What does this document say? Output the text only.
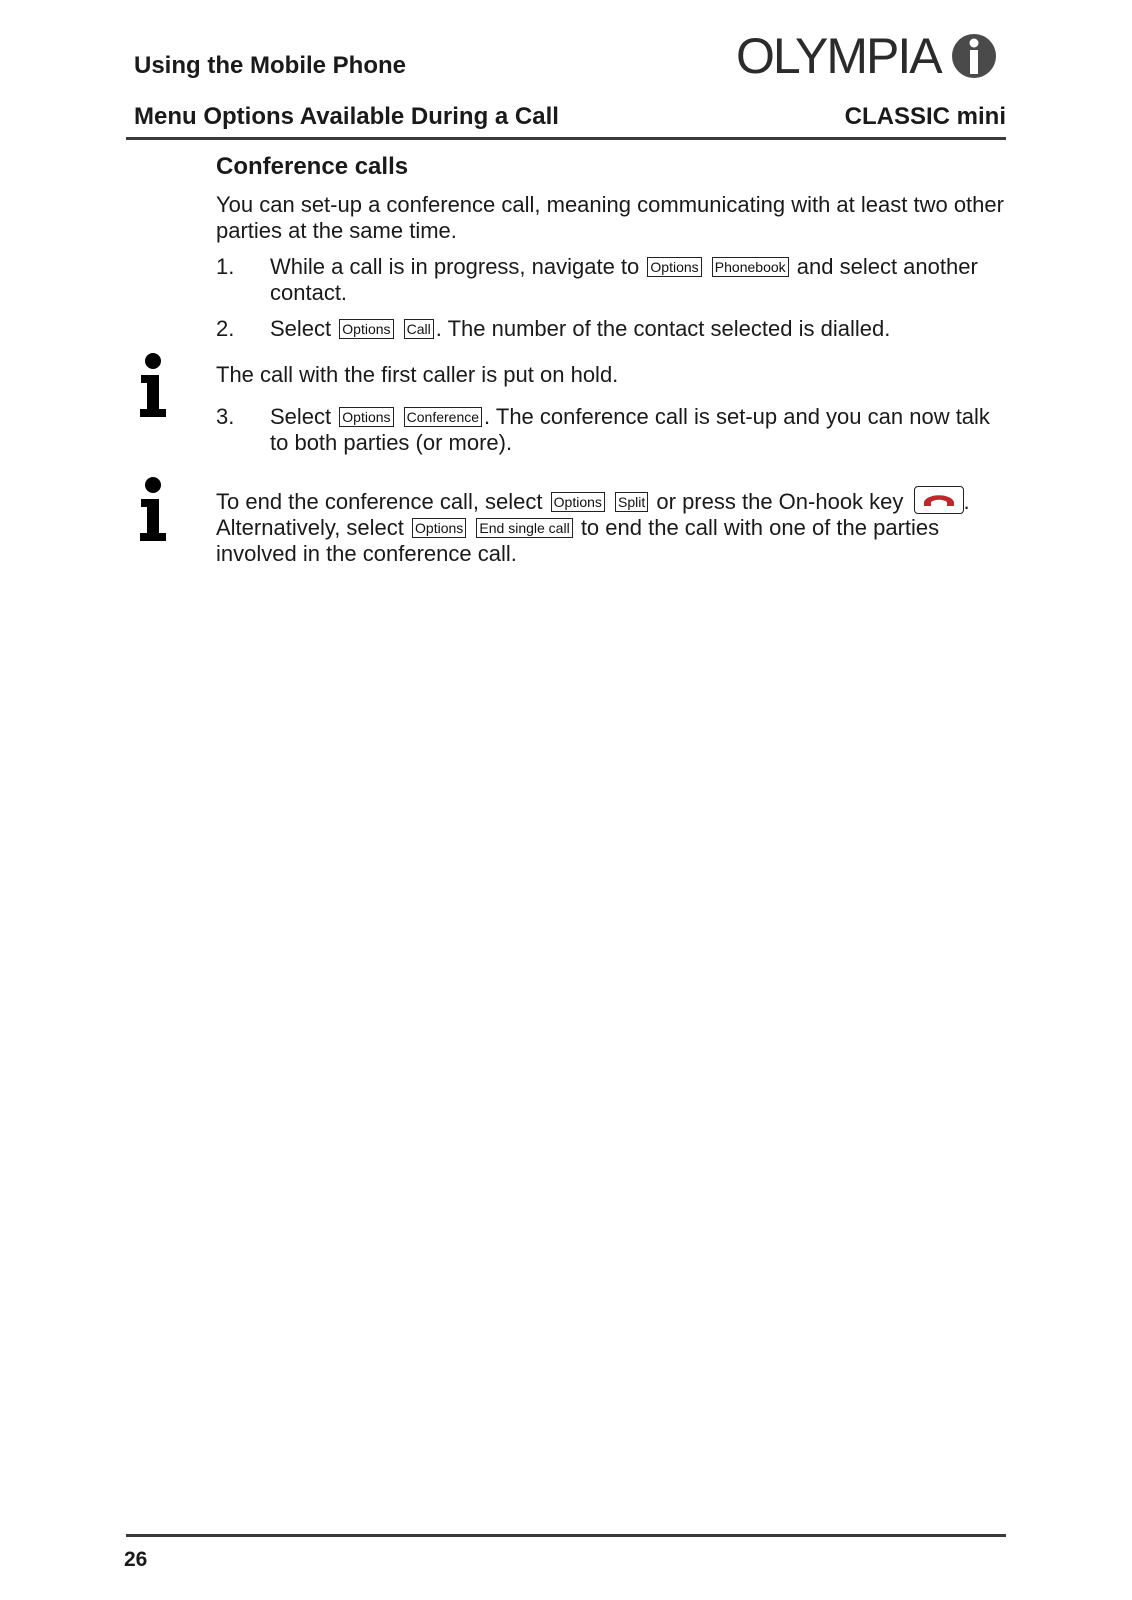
Using the Mobile Phone	OLYMPIA
Menu Options Available During a Call	CLASSIC mini
Conference calls
You can set-up a conference call, meaning communicating with at least two other parties at the same time.
1. While a call is in progress, navigate to Options Phonebook and select another contact.
2. Select Options Call . The number of the contact selected is dialled.
The call with the first caller is put on hold.
3. Select Options Conference . The conference call is set-up and you can now talk to both parties (or more).
To end the conference call, select Options Split or press the On-hook key	.
Alternatively, select Options End single call to end the call with one of the parties involved in the conference call.
26
